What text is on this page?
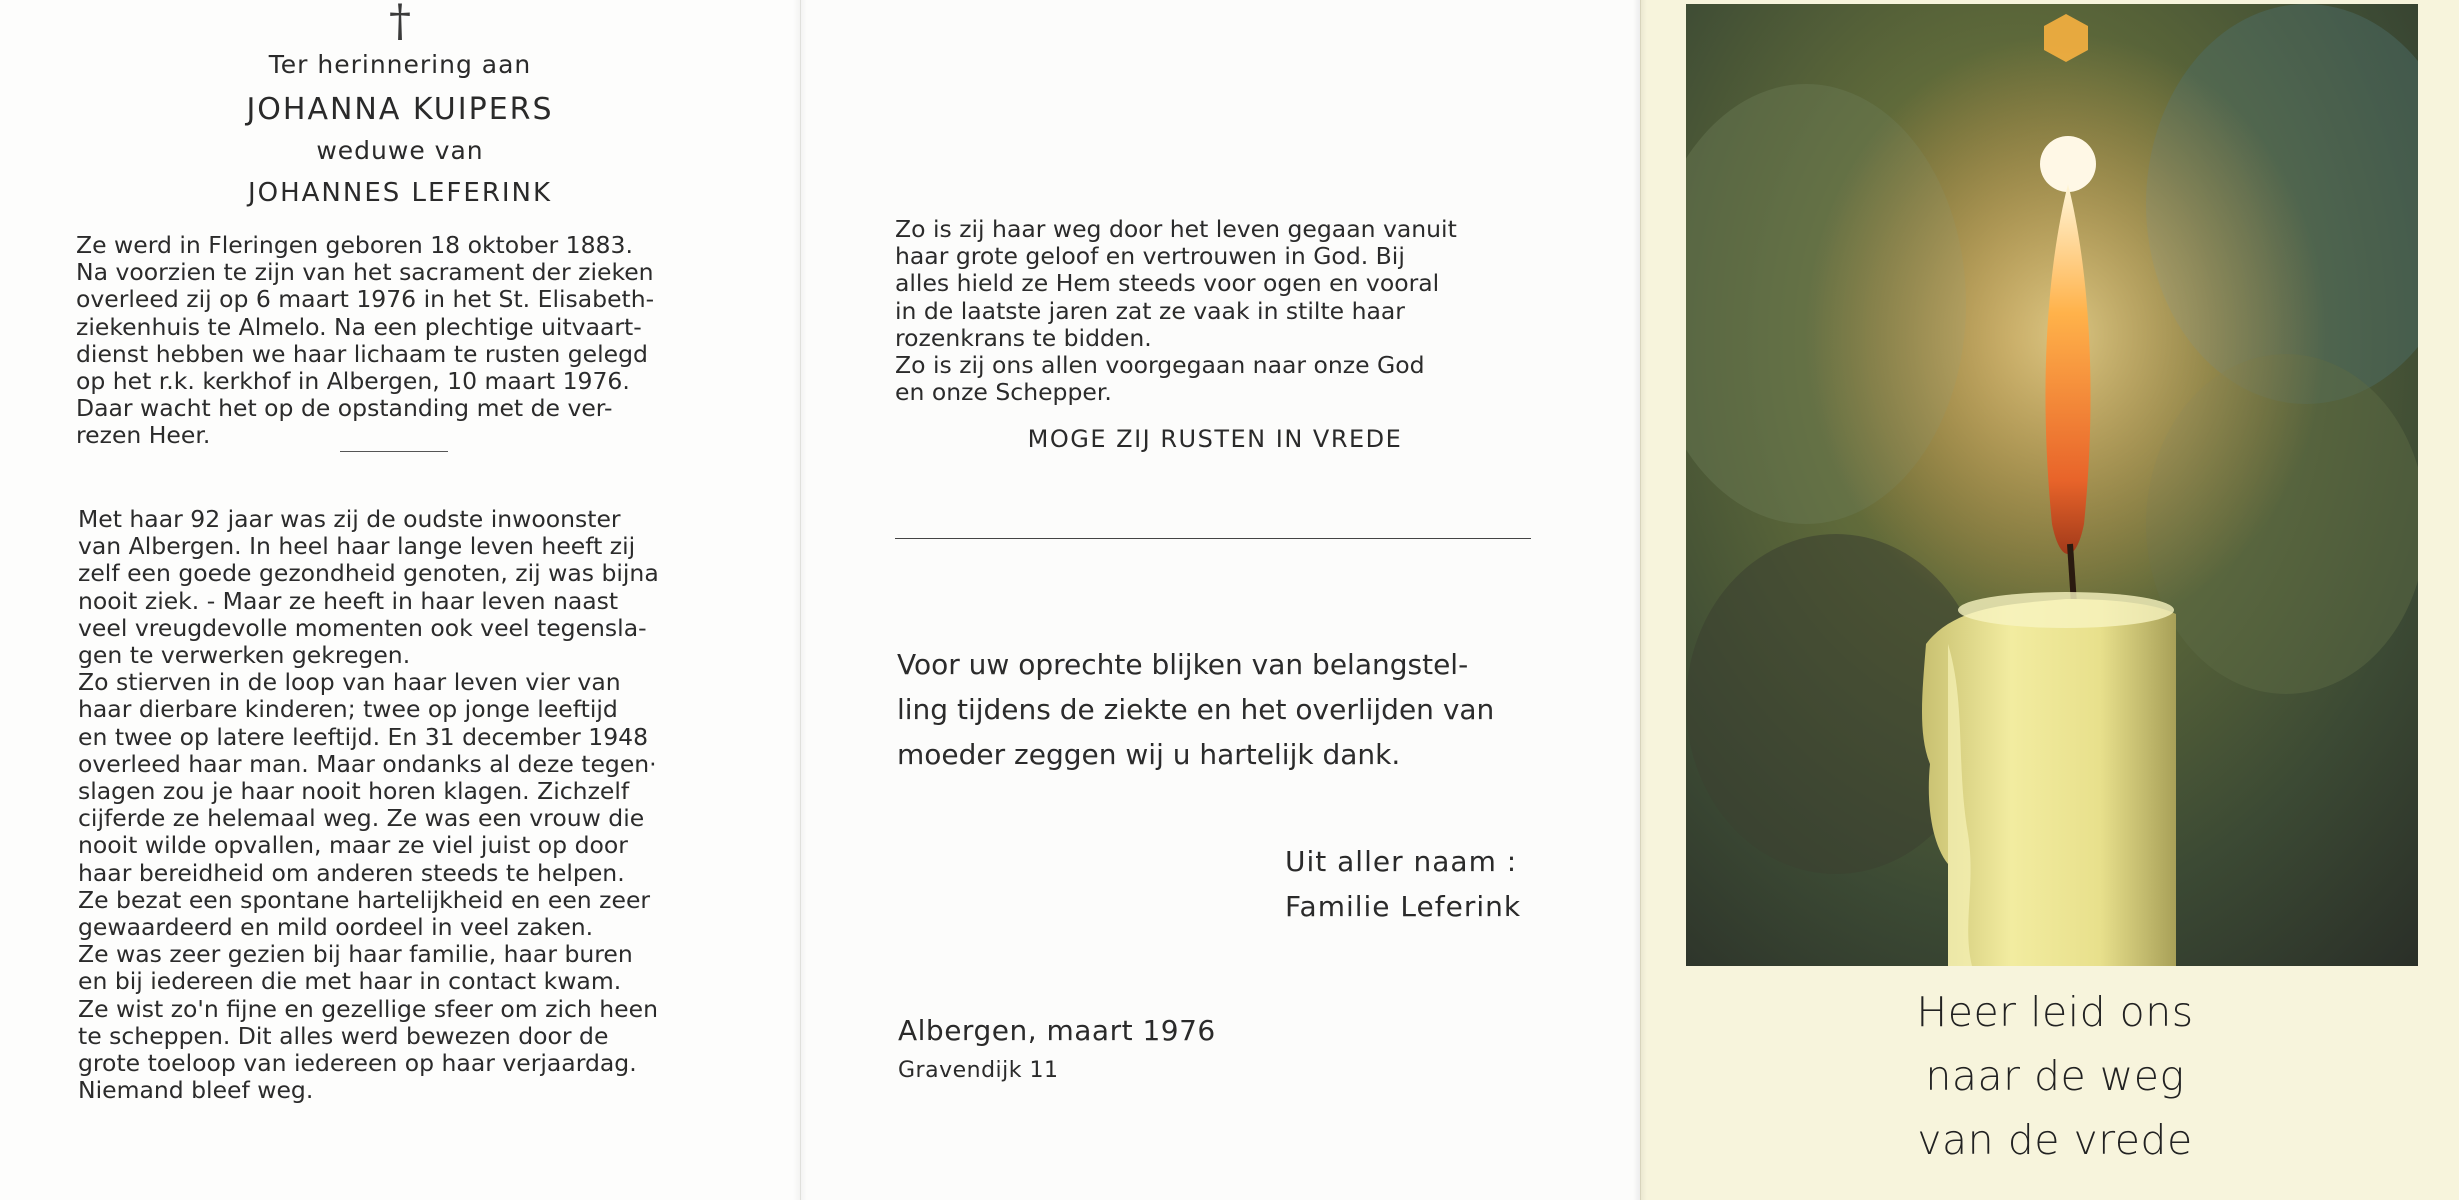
†
Ter herinnering aan
JOHANNA KUIPERS
weduwe van
JOHANNES LEFERINK

Ze werd in Fleringen geboren 18 oktober 1883.
Na voorzien te zijn van het sacrament der zieken
overleed zij op 6 maart 1976 in het St. Elisabeth-
ziekenhuis te Almelo. Na een plechtige uitvaart-
dienst hebben we haar lichaam te rusten gelegd
op het r.k. kerkhof in Albergen, 10 maart 1976.
Daar wacht het op de opstanding met de ver-
rezen Heer.

Met haar 92 jaar was zij de oudste inwoonster
van Albergen. In heel haar lange leven heeft zij
zelf een goede gezondheid genoten, zij was bijna
nooit ziek. - Maar ze heeft in haar leven naast
veel vreugdevolle momenten ook veel tegensla-
gen te verwerken gekregen.
Zo stierven in de loop van haar leven vier van
haar dierbare kinderen; twee op jonge leeftijd
en twee op latere leeftijd. En 31 december 1948
overleed haar man. Maar ondanks al deze tegen·
slagen zou je haar nooit horen klagen. Zichzelf
cijferde ze helemaal weg. Ze was een vrouw die
nooit wilde opvallen, maar ze viel juist op door
haar bereidheid om anderen steeds te helpen.
Ze bezat een spontane hartelijkheid en een zeer
gewaardeerd en mild oordeel in veel zaken.
Ze was zeer gezien bij haar familie, haar buren
en bij iedereen die met haar in contact kwam.
Ze wist zo'n fijne en gezellige sfeer om zich heen
te scheppen. Dit alles werd bewezen door de
grote toeloop van iedereen op haar verjaardag.
Niemand bleef weg.

Zo is zij haar weg door het leven gegaan vanuit
haar grote geloof en vertrouwen in God. Bij
alles hield ze Hem steeds voor ogen en vooral
in de laatste jaren zat ze vaak in stilte haar
rozenkrans te bidden.
Zo is zij ons allen voorgegaan naar onze God
en onze Schepper.

MOGE ZIJ RUSTEN IN VREDE

Voor uw oprechte blijken van belangstel-
ling tijdens de ziekte en het overlijden van
moeder zeggen wij u hartelijk dank.

Uit aller naam :
Familie Leferink
Albergen, maart 1976
Gravendijk 11
Heer leid ons
naar de weg
van de vrede
